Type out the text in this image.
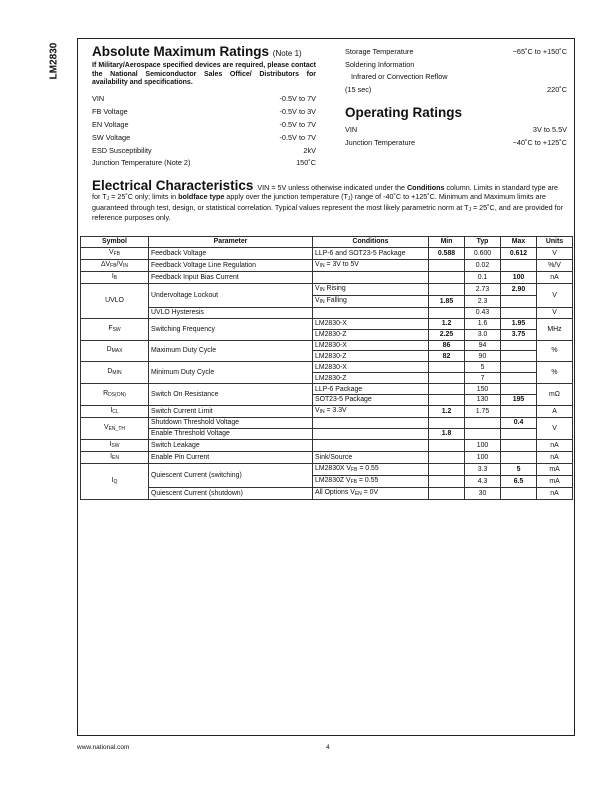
LM2830 Absolute Maximum Ratings (Note 1)
If Military/Aerospace specified devices are required, please contact the National Semiconductor Sales Office/ Distributors for availability and specifications.
VIN	-0.5V to 7V
FB Voltage	-0.5V to 3V
EN Voltage	-0.5V to 7V
SW Voltage	-0.5V to 7V
ESD Susceptibility	2kV
Junction Temperature (Note 2)	150˚C
Storage Temperature	−65˚C to +150˚C
Soldering Information
Infrared or Convection Reflow
(15 sec)	220˚C
Operating Ratings
VIN	3V to 5.5V
Junction Temperature	−40˚C to +125˚C
Electrical Characteristics VIN = 5V unless otherwise indicated under the Conditions column. Limits in standard type are for $T_J$ = 25˚C only; limits in boldface type apply over the junction temperature $(T_J)$ range of -40˚C to +125˚C. Minimum and Maximum limits are guaranteed through test, design, or statistical correlation. Typical values represent the most likely parametric norm at $T_J$ = 25˚C, and are provided for reference purposes only.
Symbol	Parameter	Conditions	Min	Typ	Max	Units
$V_{FB}$	Feedback Voltage	LLP-6 and SOT23-5 Package	0.588	0.600	0.612	V
$\Delta V_{FB}/V_{IN}$	Feedback Voltage Line Regulation	$V_{IN} = 3V$ to 5V		0.02		%/V
$I_B$	Feedback Input Bias Current			0.1	100	nA
UVLO	Undervoltage Lockout	$V_{IN}$ Rising		2.73	2.90	V
		$V_{IN}$ Falling	1.85	2.3		
	UVLO Hysteresis			0.43		V
$F_{SW}$	Switching Frequency	LM2830-X	1.2	1.6	1.95	MHz
		LM2830-Z	2.25	3.0	3.75	
$D_{MAX}$	Maximum Duty Cycle	LM2830-X	86	94		%
		LM2830-Z	82	90		
$D_{MIN}$	Minimum Duty Cycle	LM2830-X		5		%
		LM2830-Z		7		
$R_{DS(ON)}$	Switch On Resistance	LLP-6 Package		150		mΩ
		SOT23-5 Package		130	195	
$I_{CL}$	Switch Current Limit	$V_{IN} = 3.3V$	1.2	1.75		A
$V_{EN\_TH}$	Shutdown Threshold Voltage				0.4	V
	Enable Threshold Voltage		1.8			
$I_{SW}$	Switch Leakage			100		nA
$I_{EN}$	Enable Pin Current	Sink/Source		100		nA
$I_Q$	Quiescent Current (switching)	LM2830X $V_{FB} = 0.55$		3.3	5	mA
		LM2830Z $V_{FB} = 0.55$		4.3	6.5	mA
	Quiescent Current (shutdown)	All Options $V_{EN} = 0V$		30		nA
www.national.com	4
